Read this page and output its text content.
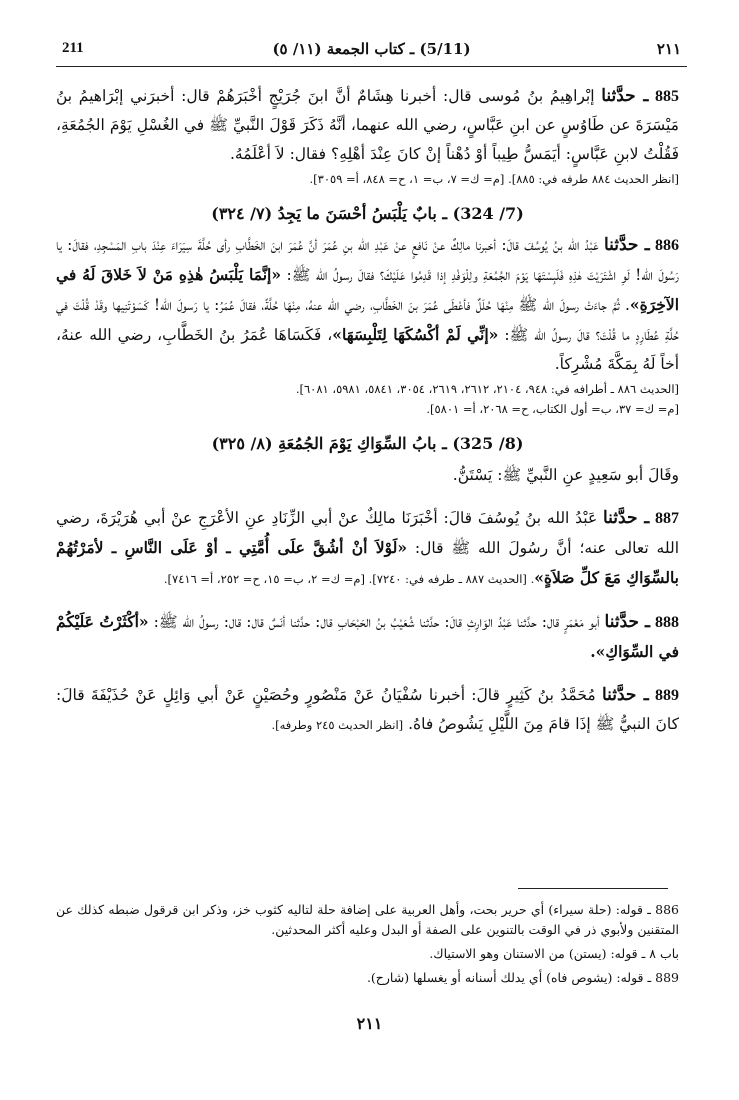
211	(5/11) ـ كتاب الجمعة (١١/ ٥)	٢١١

885 ـ حدَّثنا إبْراهِيمُ بنُ مُوسى قال: أخبرنا هِشَامٌ أنَّ ابنَ جُرَيْجٍ أخْبَرَهُمْ قال: أخبرَني إبْرَاهيمُ بنُ مَيْسَرَةَ عن طَاوُسٍ عن ابنِ عَبَّاسٍ، رضي الله عنهما، أنَّهُ ذَكَرَ قَوْلَ النَّبيِّ ﷺ في الغُسْلِ يَوْمَ الجُمُعَةِ، فَقُلْتُ لابنِ عَبَّاسٍ: أيَمَسُّ طِيباً أوْ دُهْناً إنْ كانَ عِنْدَ أهْلِهِ؟ فقال: لاَ أعْلَمُهُ.

[انظر الحديث ٨٨٤ طرفه في: ٨٨٥]. [م= ك= ٧، ب= ١، ح= ٨٤٨، أ= ٣٠٥٩].

(7/ 324) ـ بابٌ يَلْبَسُ أحْسَنَ ما يَجِدُ (٧/ ٣٢٤)

886 ـ حدَّثنا عَبْدُ الله بنُ يُوسُفَ قالَ: أخبرنا مالِكٌ عنْ نَافعٍ عنْ عَبْدِ الله بنِ عُمَرَ أنَّ عُمَرَ ابنَ الخَطَّابِ رأى حُلَّةَ سِيَرَاءَ عِنْدَ بابِ المَسْجِدِ، فقالَ: يا رَسُولَ الله! لَوِ اشْتَرَيْتَ هٰذِهِ فَلَبِسْتَهَا يَوْمَ الجُمُعَةِ ولِلْوَفْدِ إذا قَدِمُوا عَلَيْكَ؟ فقالَ رسولُ الله ﷺ: «إنَّمَا يَلْبَسُ هٰذِهِ مَنْ لاَ خَلاقَ لَهُ في الآخِرَةِ». ثُمَّ جاءَتْ رسولَ الله ﷺ مِنْهَا حُلَلٌ فأعْطَى عُمَرَ بنَ الخَطَّابِ، رضي الله عنهُ، مِنْهَا حُلَّةً، فقالَ عُمَرُ: يا رَسولَ الله! كَسَوْتَنِيها وقَدْ قُلْتَ في حُلَّةِ عُطَارِدٍ ما قُلْتَ؟ قالَ رسولُ الله ﷺ: «إنِّي لَمْ أكْسُكَهَا لِتَلْبِسَهَا»، فَكَسَاهَا عُمَرُ بنُ الخَطَّابِ، رضي الله عنهُ، أخاً لَهُ بِمَكَّةَ مُشْرِكاً.

[الحديث ٨٨٦ ـ أطرافه في: ٩٤٨، ٢١٠٤، ٢٦١٢، ٢٦١٩، ٣٠٥٤، ٥٨٤١، ٥٩٨١، ٦٠٨١].

[م= ك= ٣٧، ب= أول الكتاب، ح= ٢٠٦٨، أ= ٥٨٠١].

(8/ 325) ـ بابُ السِّوَاكِ يَوْمَ الجُمُعَةِ (٨/ ٣٢٥)

وقَالَ أبو سَعِيدٍ عنِ النَّبيِّ ﷺ: يَسْتَنُّ.

887 ـ حدَّثنا عَبْدُ الله بنُ يُوسُفَ قالَ: أخْبَرَنَا مالِكٌ عنْ أبي الزِّنَادِ عنِ الأعْرَجِ عنْ أبي هُرَيْرَةَ، رضي الله تعالى عنه؛ أنَّ رسُولَ الله ﷺ قال: «لَوْلاَ أنْ أشُقَّ علَى أُمَّتِي ـ أوْ عَلَى النَّاسِ ـ لأمَرْتُهُمْ بالسِّوَاكِ مَعَ كلِّ صَلاَةٍ». [الحديث ٨٨٧ ـ طرفه في: ٧٢٤٠]. [م= ك= ٢، ب= ١٥، ح= ٢٥٢، أ= ٧٤١٦].

888 ـ حدَّثنا أبو مَعْمَرٍ قال: حدَّثنا عَبْدُ الوَارِثِ قالَ: حدَّثنا شُعَيْبُ بنُ الحَبْحَابِ قال: حدَّثنا أنَسٌ قال: قال: رسولُ الله ﷺ: «أكْثَرْتُ عَلَيْكُمْ في السِّوَاكِ».

889 ـ حدَّثنا مُحَمَّدُ بنُ كَثِيرٍ قالَ: أخبرنا سُفْيَانُ عَنْ مَنْصُورٍ وحُصَيْنٍ عَنْ أبي وَائِلٍ عَنْ حُذَيْفَةَ قالَ: كانَ النبيُّ ﷺ إذَا قامَ مِنَ اللَّيْلِ يَشُوصُ فاهُ. [انظر الحديث ٢٤٥ وطرفه].

886 ـ قوله: (حلة سيراء) أي حرير بحت، وأهل العربية على إضافة حلة لتاليه كثوب خز، وذكر ابن قرقول ضبطه كذلك عن المتقنين ولأبوي ذر في الوقت بالتنوين على الصفة أو البدل وعليه أكثر المحدثين.

باب ٨ ـ قوله: (يستن) من الاستنان وهو الاستياك.

889 ـ قوله: (يشوص فاه) أي يدلك أسنانه أو يغسلها (شارح).

٢١١
